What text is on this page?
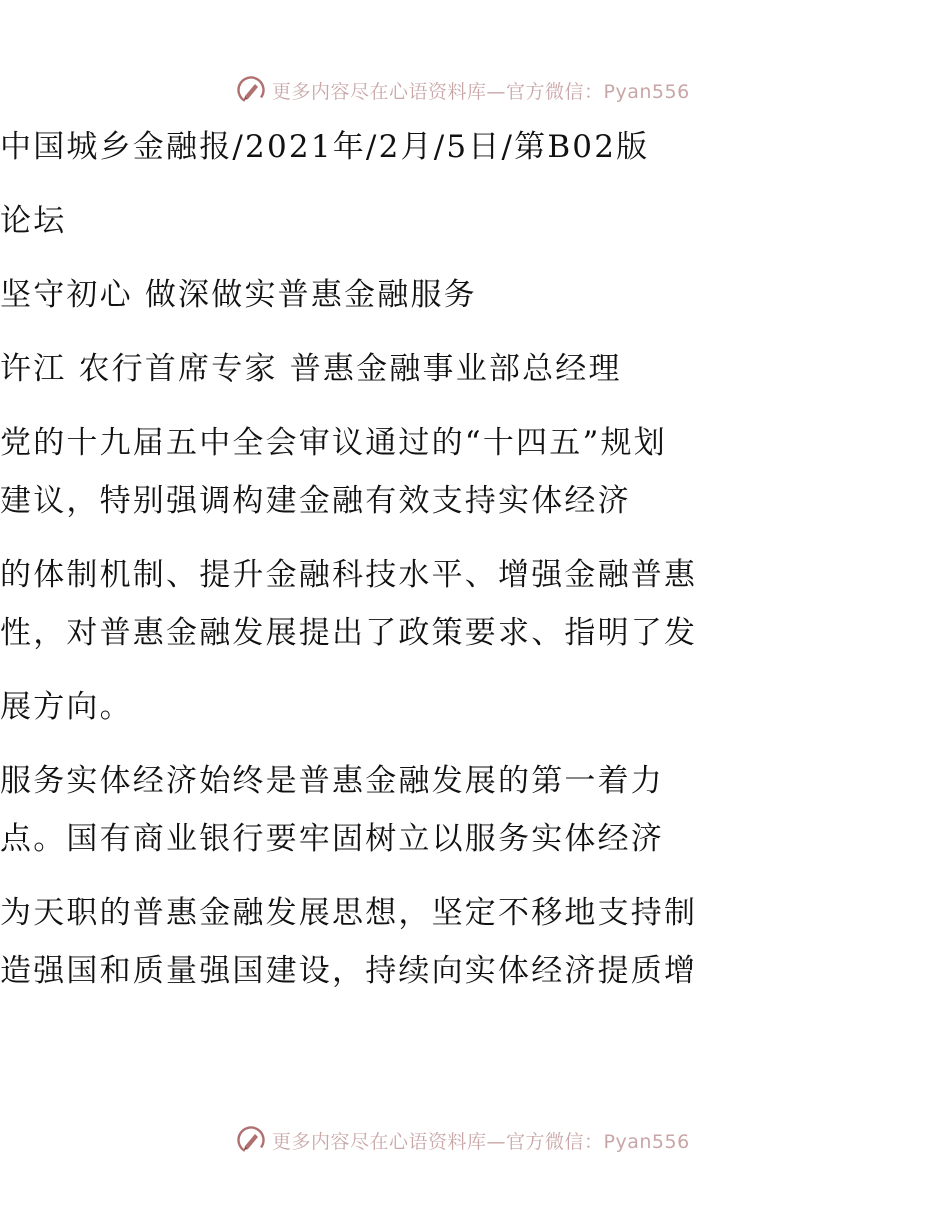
更多内容尽在心语资料库—官方微信：Pyan556

中国城乡金融报/2021年/2月/5日/第B02版

论坛

坚守初心 做深做实普惠金融服务

许江 农行首席专家 普惠金融事业部总经理

党的十九届五中全会审议通过的“十四五”规划

建议，特别强调构建金融有效支持实体经济

的体制机制、提升金融科技水平、增强金融普惠

性，对普惠金融发展提出了政策要求、指明了发

展方向。

服务实体经济始终是普惠金融发展的第一着力

点。国有商业银行要牢固树立以服务实体经济

为天职的普惠金融发展思想，坚定不移地支持制

造强国和质量强国建设，持续向实体经济提质增

更多内容尽在心语资料库—官方微信：Pyan556
